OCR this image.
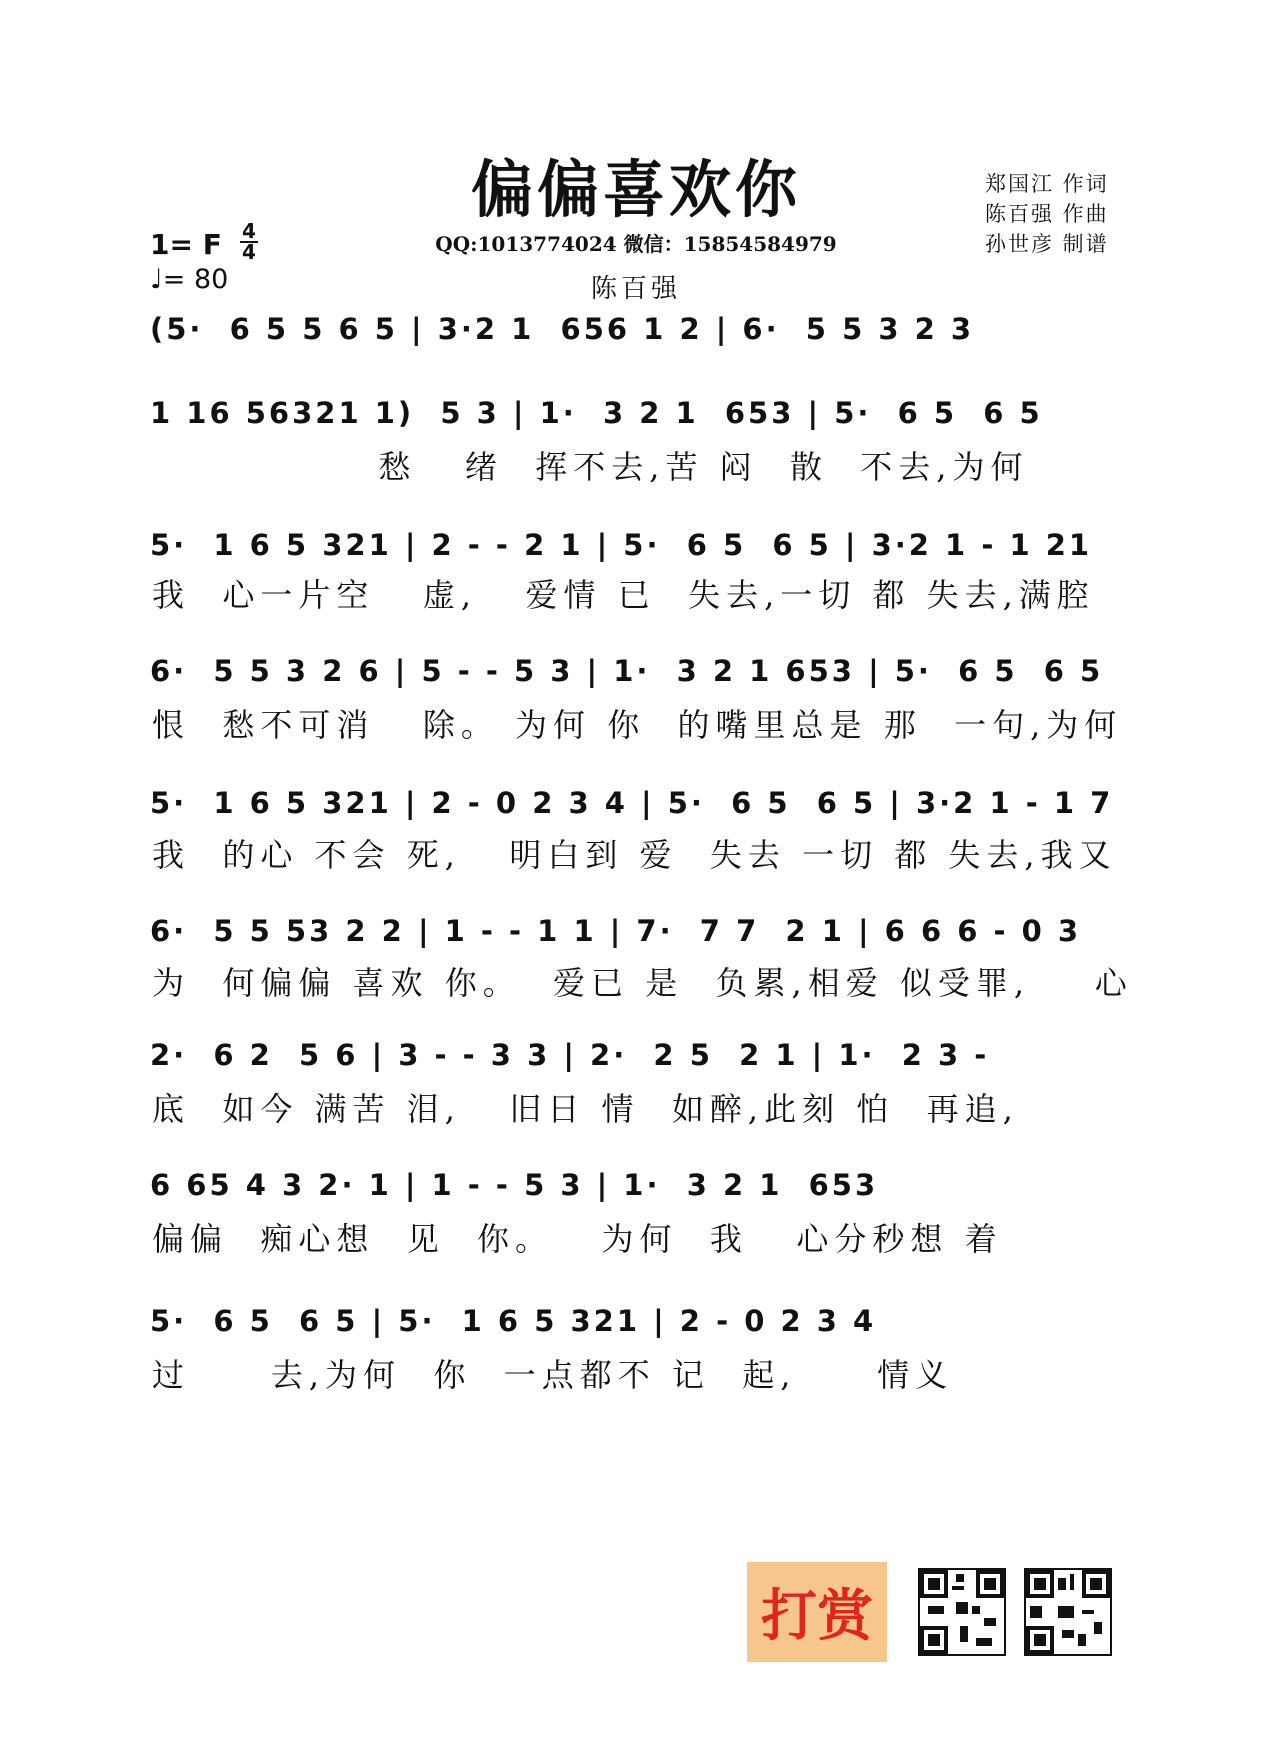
偏偏喜欢你
QQ:1013774024 微信：15854584979
陈百强
郑国江 作词
陈百强 作曲
孙世彦 制谱
1= F 4
4
♩= 80
(5·  6 5 5 6 5 | 3·2 1  656 1 2 | 6·  5 5 3 2 3
1 16 56321 1)  5 3 | 1·  3 2 1  653 | 5·  6 5  6 5
愁   绪  挥不去,苦 闷  散  不去,为何
5·  1 6 5 321 | 2 - - 2 1 | 5·  6 5  6 5 | 3·2 1 - 1 21
我  心一片空   虚,   爱情 已  失去,一切 都 失去,满腔
6·  5 5 3 2 6 | 5 - - 5 3 | 1·  3 2 1 653 | 5·  6 5  6 5
恨  愁不可消   除。 为何 你  的嘴里总是 那  一句,为何
5·  1 6 5 321 | 2 - 0 2 3 4 | 5·  6 5  6 5 | 3·2 1 - 1 7
我  的心 不会 死,   明白到 爱  失去 一切 都 失去,我又
6·  5 5 53 2 2 | 1 - - 1 1 | 7·  7 7  2 1 | 6 6 6 - 0 3
为  何偏偏 喜欢 你。  爱已 是  负累,相爱 似受罪,    心
2·  6 2  5 6 | 3 - - 3 3 | 2·  2 5  2 1 | 1·  2 3 -
底  如今 满苦 泪,   旧日 情  如醉,此刻 怕  再追,
6 65 4 3 2· 1 | 1 - - 5 3 | 1·  3 2 1  653
偏偏  痴心想  见  你。   为何  我   心分秒想 着
5·  6 5  6 5 | 5·  1 6 5 321 | 2 - 0 2 3 4
过     去,为何  你  一点都不 记  起,     情义
打赏
